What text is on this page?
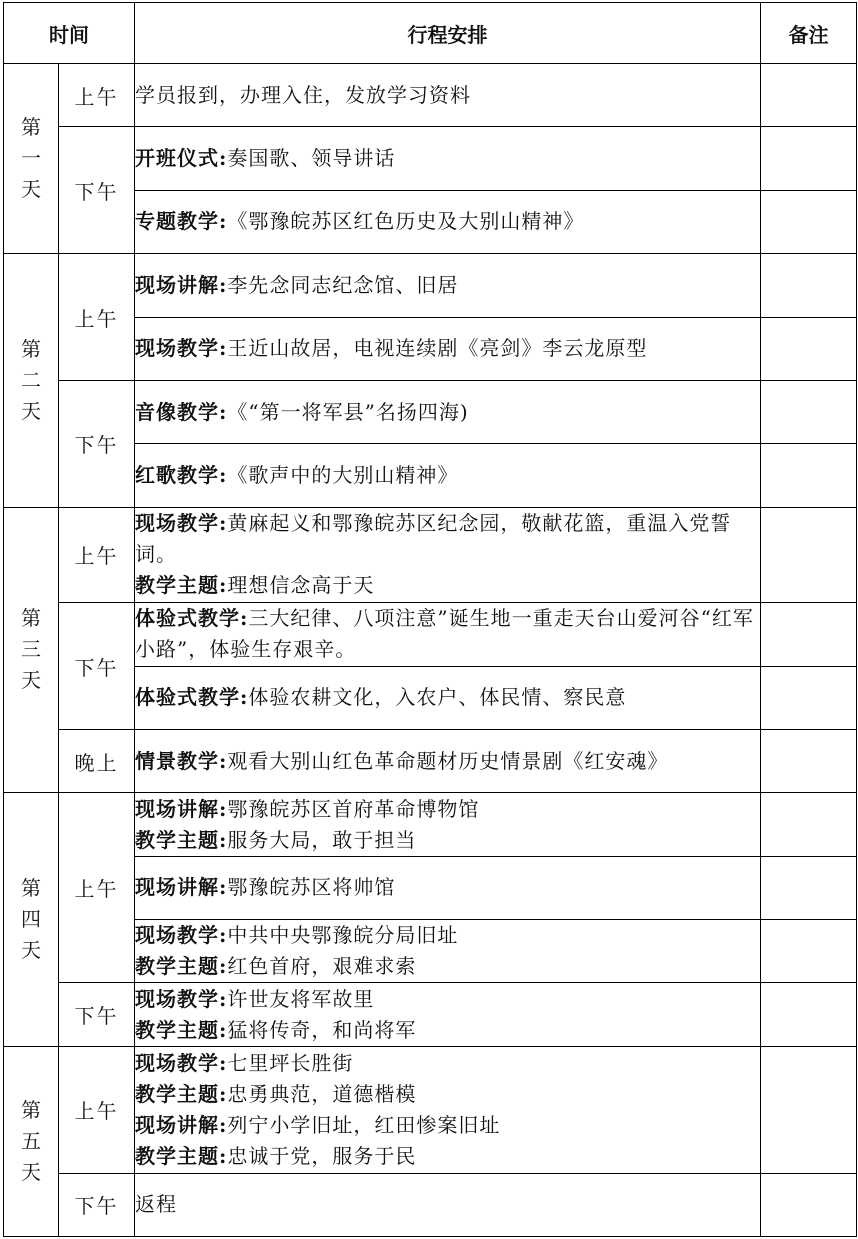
时间		行程安排	备注

第
一
天	上午	学员报到，办理入住，发放学习资料	

	下午	开班仪式:奏国歌、领导讲话	

		专题教学:《鄂豫皖苏区红色历史及大别山精神》	

第
二
天	上午	现场讲解:李先念同志纪念馆、旧居	

		现场教学:王近山故居，电视连续剧《亮剑》李云龙原型	

	下午	音像教学:《“第一将军县”名扬四海)	

		红歌教学:《歌声中的大别山精神》	

第
三
天	上午	现场教学:黄麻起义和鄂豫皖苏区纪念园，敬献花篮，重温入党誓词。
教学主题:理想信念高于天	

	下午	体验式教学:三大纪律、八项注意”诞生地一重走天台山爱河谷“红军小路”，体验生存艰辛。	

		体验式教学:体验农耕文化，入农户、体民情、察民意	

	晚上	情景教学:观看大别山红色革命题材历史情景剧《红安魂》	

第
四
天	上午	现场讲解:鄂豫皖苏区首府革命博物馆
教学主题:服务大局，敢于担当	

		现场讲解:鄂豫皖苏区将帅馆	

		现场教学:中共中央鄂豫皖分局旧址
教学主题:红色首府，艰难求索	

	下午	现场教学:许世友将军故里
教学主题:猛将传奇，和尚将军	

第
五
天	上午	现场教学:七里坪长胜街
教学主题:忠勇典范，道德楷模
现场讲解:列宁小学旧址，红田惨案旧址
教学主题:忠诚于党，服务于民	

	下午	返程	
